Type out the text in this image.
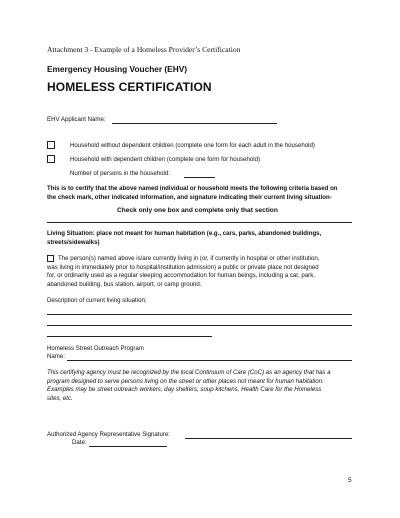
Attachment 3 - Example of a Homeless Provider’s Certification
Emergency Housing Voucher (EHV)
HOMELESS CERTIFICATION
EHV Applicant Name:
Household without dependent children (complete one form for each adult in the household)
Household with dependent children (complete one form for household)
Number of persons in the household:
This is to certify that the above named individual or household meets the following criteria based on
the check mark, other indicated information, and signature indicating their current living situation-
Check only one box and complete only that section
Living Situation: place not meant for human habitation (e.g., cars, parks, abandoned buildings,
streets/sidewalks)
The person(s) named above is/are currently living in (or, if currently in hospital or other institution,
was living in immediately prior to hospital/institution admission) a public or private place not designed
for, or ordinarily used as a regular sleeping accommodation for human beings, including a car, park,
abandoned building, bus station, airport, or camp ground.
Description of current living situation:
Homeless Street Outreach Program
Name:
This certifying agency must be recognized by the local Continuum of Care (CoC) as an agency that has a
program designed to serve persons living on the street or other places not meant for human habitation.
Examples may be street outreach workers, day shelters, soup kitchens, Health Care for the Homeless
sites, etc.
Authorized Agency Representative Signature:
Date:
5
